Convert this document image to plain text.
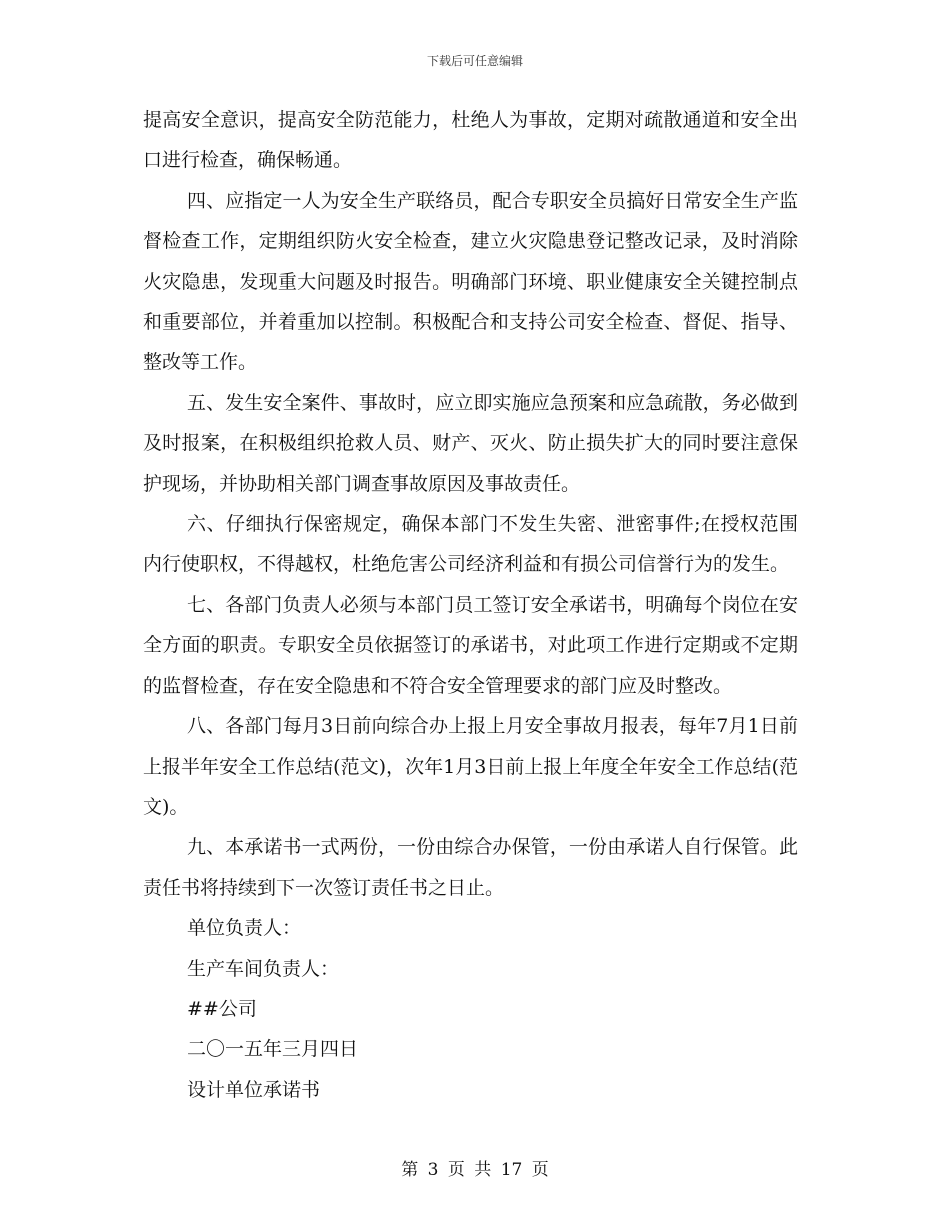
下载后可任意编辑

提高安全意识，提高安全防范能力，杜绝人为事故，定期对疏散通道和安全出口进行检查，确保畅通。

四、应指定一人为安全生产联络员，配合专职安全员搞好日常安全生产监督检查工作，定期组织防火安全检查，建立火灾隐患登记整改记录，及时消除火灾隐患，发现重大问题及时报告。明确部门环境、职业健康安全关键控制点和重要部位，并着重加以控制。积极配合和支持公司安全检查、督促、指导、整改等工作。

五、发生安全案件、事故时，应立即实施应急预案和应急疏散，务必做到及时报案，在积极组织抢救人员、财产、灭火、防止损失扩大的同时要注意保护现场，并协助相关部门调查事故原因及事故责任。

六、仔细执行保密规定，确保本部门不发生失密、泄密事件;在授权范围内行使职权，不得越权，杜绝危害公司经济利益和有损公司信誉行为的发生。

七、各部门负责人必须与本部门员工签订安全承诺书，明确每个岗位在安全方面的职责。专职安全员依据签订的承诺书，对此项工作进行定期或不定期的监督检查，存在安全隐患和不符合安全管理要求的部门应及时整改。

八、各部门每月3日前向综合办上报上月安全事故月报表，每年7月1日前上报半年安全工作总结(范文)，次年1月3日前上报上年度全年安全工作总结(范文)。

九、本承诺书一式两份，一份由综合办保管，一份由承诺人自行保管。此责任书将持续到下一次签订责任书之日止。

单位负责人：

生产车间负责人：

##公司

二〇一五年三月四日

设计单位承诺书

第 3 页 共 17 页
